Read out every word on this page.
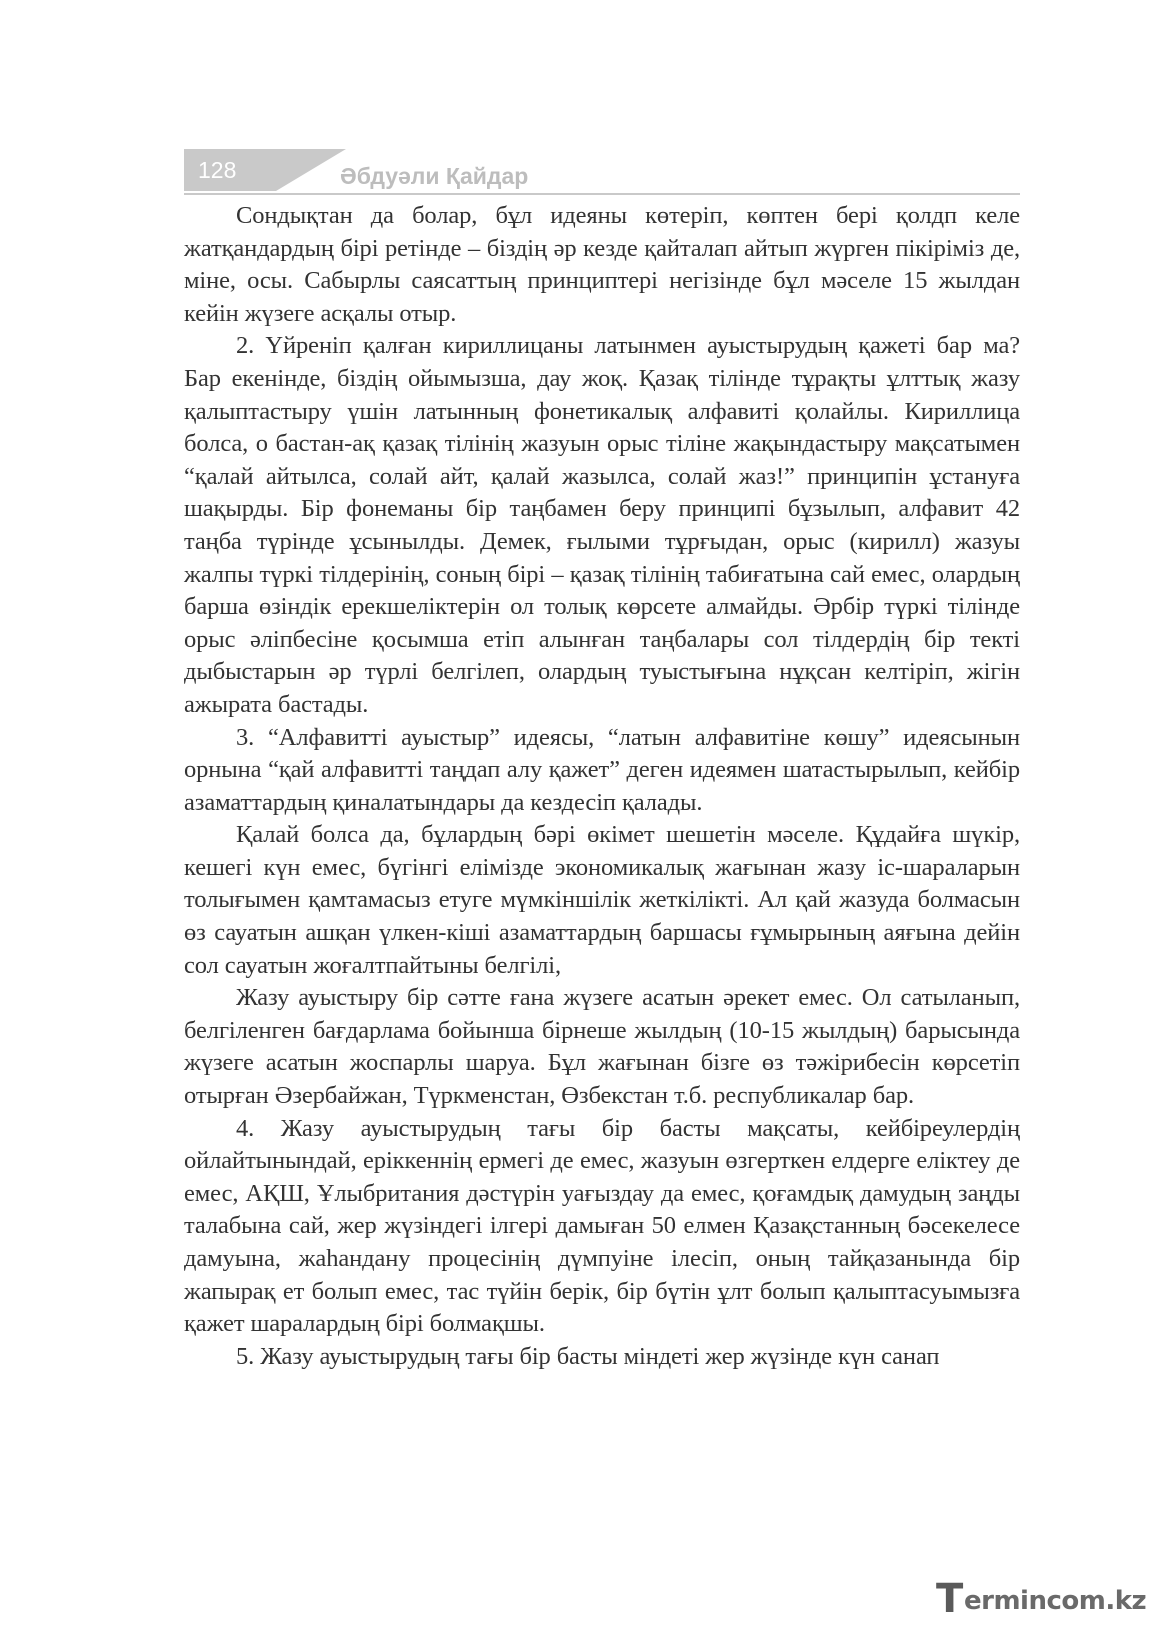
128	Әбдуәли Қайдар

Сондықтан да болар, бұл идеяны көтеріп, көптен бері қолдп келе жатқандардың бірі ретінде – біздің әр кезде қайталап айтып жүрген пікіріміз де, міне, осы. Сабырлы саясаттың принциптері негізінде бұл мәселе 15 жылдан кейін жүзеге асқалы отыр.

2. Үйреніп қалған кириллицаны латынмен ауыстырудың қажеті бар ма? Бар екенінде, біздің ойымызша, дау жоқ. Қазақ тілінде тұрақты ұлттық жазу қалыптастыру үшін латынның фонетикалық алфавиті қолайлы. Кириллица болса, о бастан-ақ қазақ тілінің жазуын орыс тіліне жақындастыру мақсатымен “қалай айтылса, солай айт, қалай жазылса, солай жаз!” принципін ұстануға шақырды. Бір фонеманы бір таңбамен беру принципі бұзылып, алфавит 42 таңба түрінде ұсынылды. Демек, ғылыми тұрғыдан, орыс (кирилл) жазуы жалпы түркі тілдерінің, соның бірі – қазақ тілінің табиғатына сай емес, олардың барша өзіндік ерекшеліктерін ол толық көрсете алмайды. Әрбір түркі тілінде орыс әліпбесіне қосымша етіп алынған таңбалары сол тілдердің бір текті дыбыстарын әр түрлі белгілеп, олардың туыстығына нұқсан келтіріп, жігін ажырата бастады.

3. “Алфавитті ауыстыр” идеясы, “латын алфавитіне көшу” идеясынын орнына “қай алфавитті таңдап алу қажет” деген идеямен шатастырылып, кейбір азаматтардың қиналатындары да кездесіп қалады.

Қалай болса да, бұлардың бәрі өкімет шешетін мәселе. Құдайға шүкір, кешегі күн емес, бүгінгі елімізде экономикалық жағынан жазу іс-шараларын толығымен қамтамасыз етуге мүмкіншілік жеткілікті. Ал қай жазуда болмасын өз сауатын ашқан үлкен-кіші азаматтардың баршасы ғұмырының аяғына дейін сол сауатын жоғалтпайтыны белгілі,

Жазу ауыстыру бір сәтте ғана жүзеге асатын әрекет емес. Ол сатыланып, белгіленген бағдарлама бойынша бірнеше жылдың (10-15 жылдың) барысында жүзеге асатын жоспарлы шаруа. Бұл жағынан бізге өз тәжірибесін көрсетіп отырған Әзербайжан, Түркменстан, Өзбекстан т.б. республикалар бар.

4. Жазу ауыстырудың тағы бір басты мақсаты, кейбіреулердің ойлайтынындай, еріккеннің ермегі де емес, жазуын өзгерткен елдерге еліктеу де емес, АҚШ, Ұлыбритания дәстүрін уағыздау да емес, қоғамдық дамудың заңды талабына сай, жер жүзіндегі ілгері дамыған 50 елмен Қазақстанның бәсекелесе дамуына, жаһандану процесінің дүмпуіне ілесіп, оның тайқазанында бір жапырақ ет болып емес, тас түйін берік, бір бүтін ұлт болып қалыптасуымызға қажет шаралардың бірі болмақшы.

5. Жазу ауыстырудың тағы бір басты міндеті жер жүзінде күн санап

T ermincom.kz
